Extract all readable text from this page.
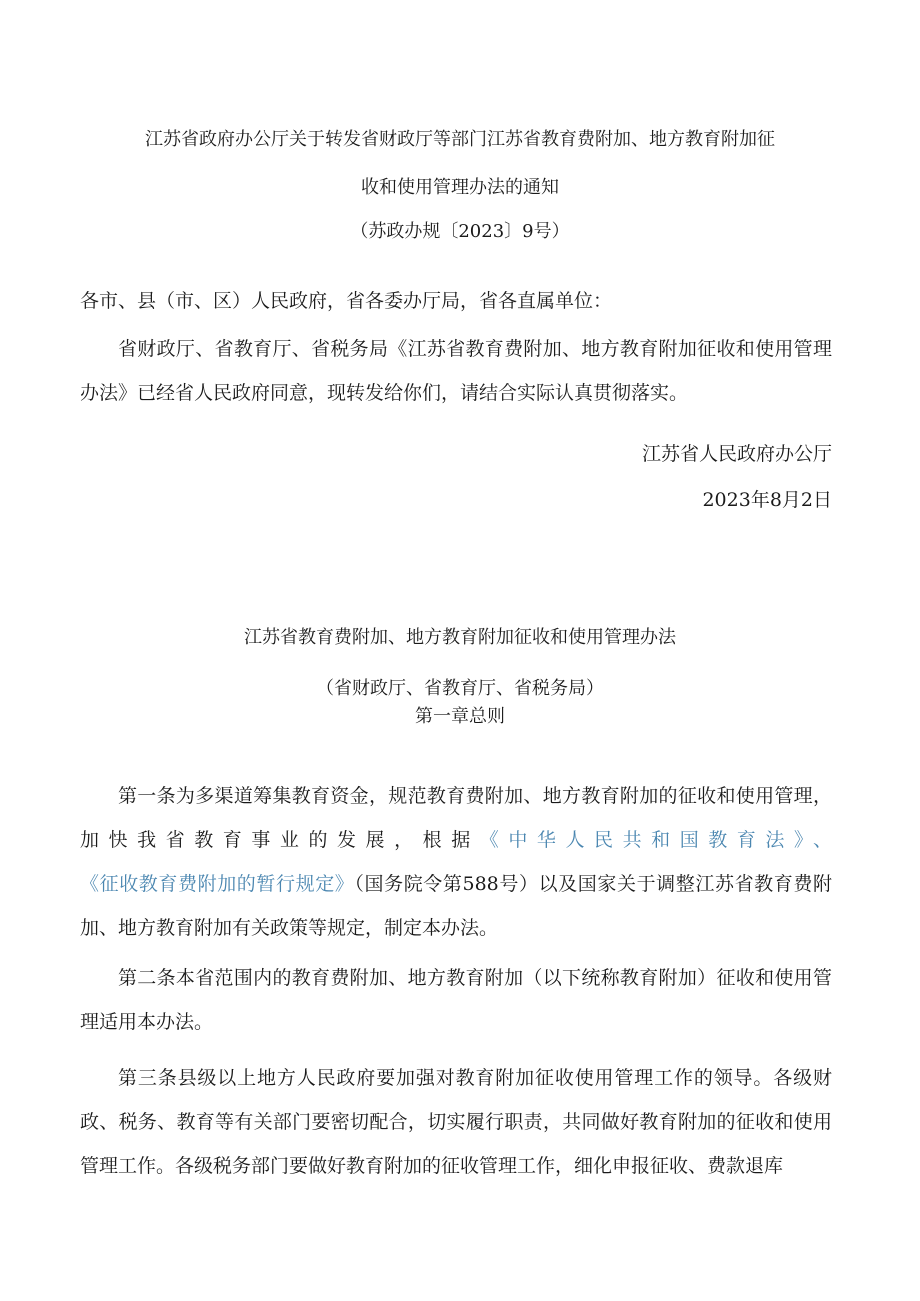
江苏省政府办公厅关于转发省财政厅等部门江苏省教育费附加、地方教育附加征
收和使用管理办法的通知
（苏政办规〔2023〕9号）
各市、县（市、区）人民政府，省各委办厅局，省各直属单位：
省财政厅、省教育厅、省税务局《江苏省教育费附加、地方教育附加征收和使用管理办法》已经省人民政府同意，现转发给你们，请结合实际认真贯彻落实。
江苏省人民政府办公厅
2023年8月2日
江苏省教育费附加、地方教育附加征收和使用管理办法
（省财政厅、省教育厅、省税务局）
第一章总则
第一条为多渠道筹集教育资金，规范教育费附加、地方教育附加的征收和使用管理，加快我省教育事业的发展，根据《中华人民共和国教育法》、《征收教育费附加的暂行规定》（国务院令第588号）以及国家关于调整江苏省教育费附加、地方教育附加有关政策等规定，制定本办法。
第二条本省范围内的教育费附加、地方教育附加（以下统称教育附加）征收和使用管理适用本办法。
第三条县级以上地方人民政府要加强对教育附加征收使用管理工作的领导。各级财政、税务、教育等有关部门要密切配合，切实履行职责，共同做好教育附加的征收和使用管理工作。各级税务部门要做好教育附加的征收管理工作，细化申报征收、费款退库
